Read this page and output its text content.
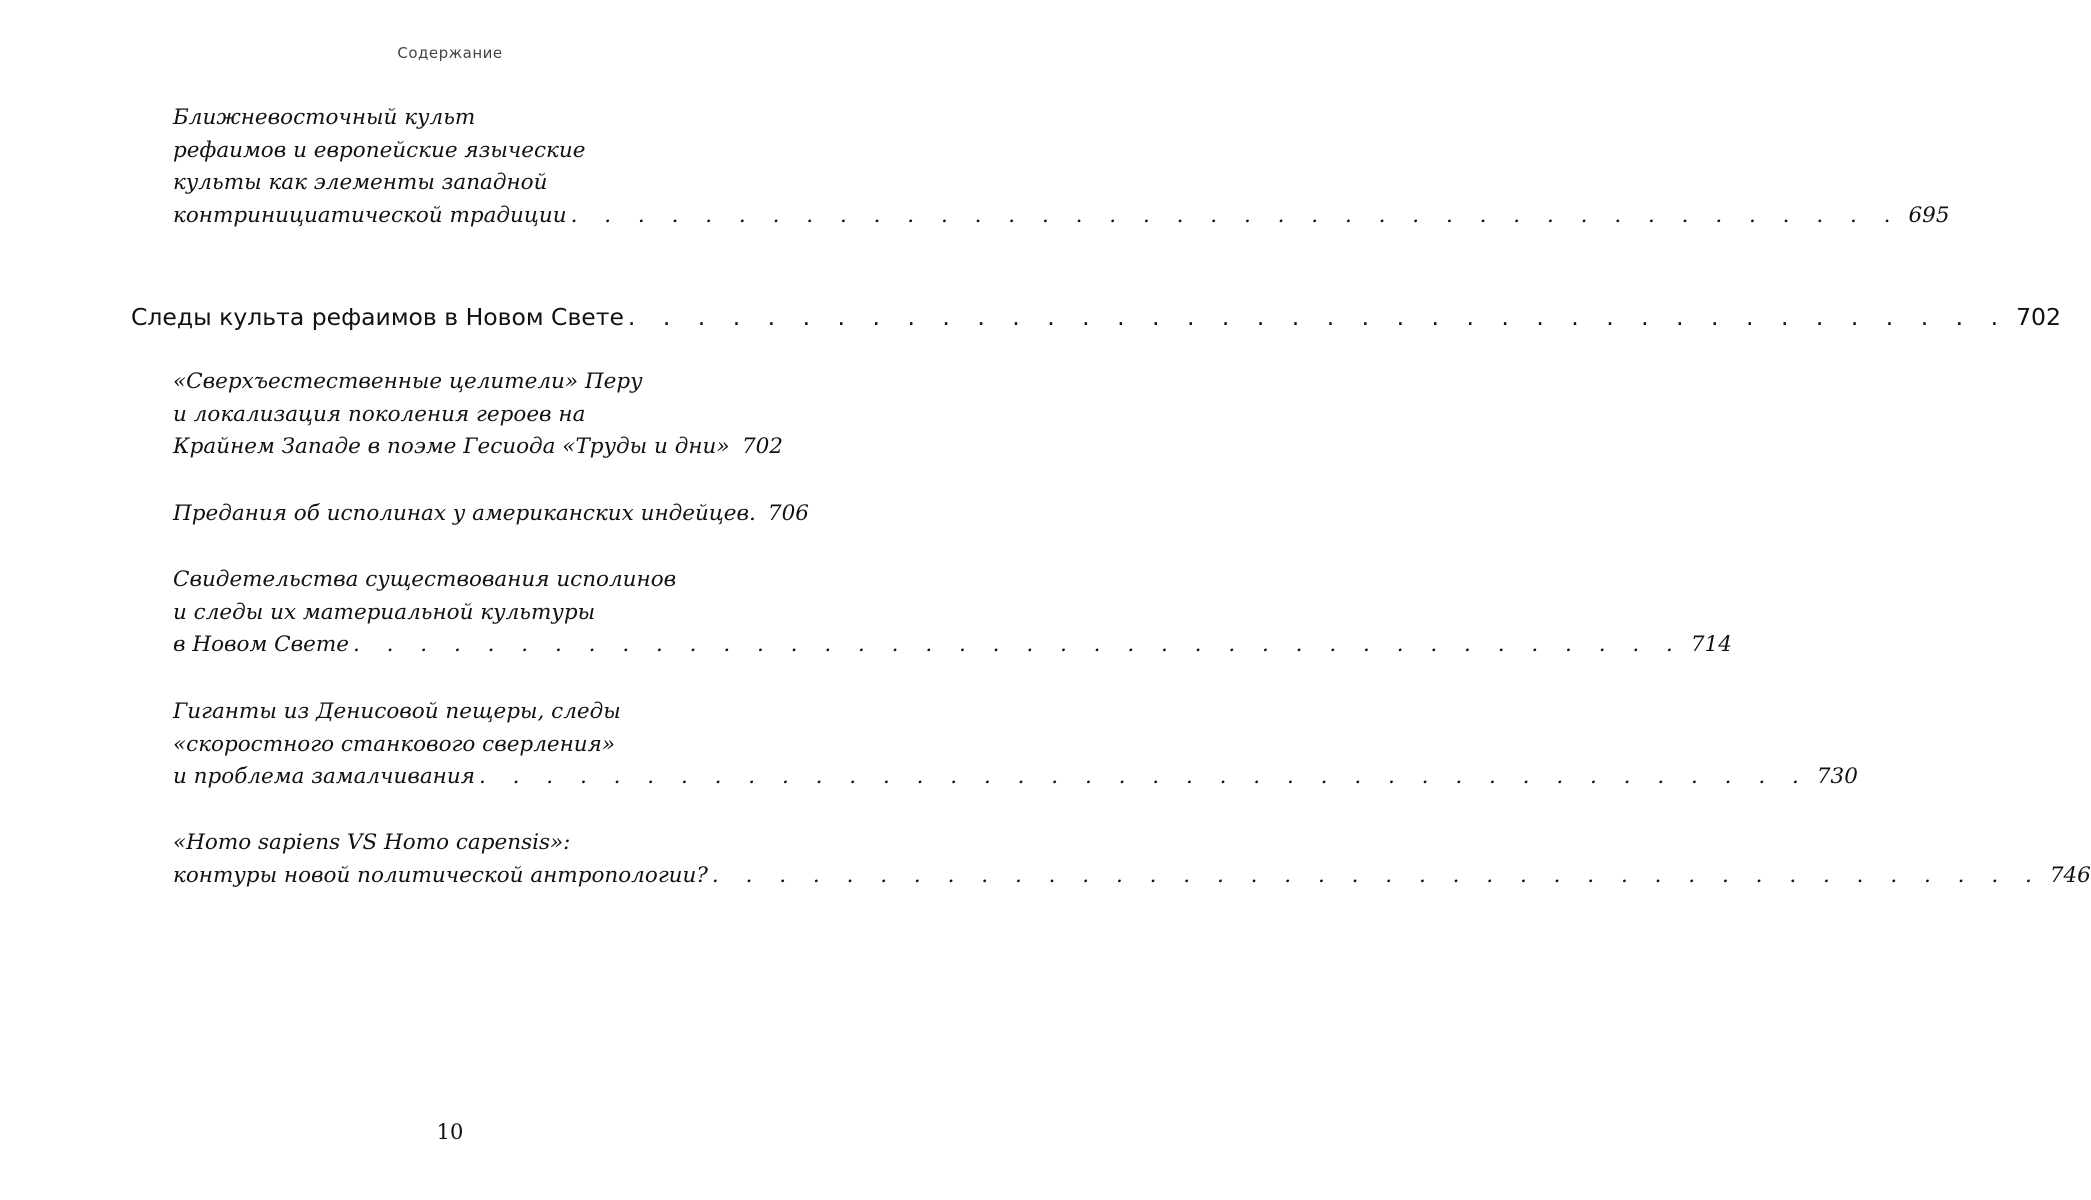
Содержание
Ближневосточный культ
рефаимов и европейские языческие
культы как элементы западной
контринициатической традиции . . . . . . . . . . . . . . . . . . . . . . . . . . . . . . . . . . . . . . . . 695
Следы культа рефаимов в Новом Свете . . . . . . . . . . . . . . . . . . . . . . . . . . . . . . . . . . . . . . . . 702
«Сверхъестественные целители» Перу
и локализация поколения героев на
Крайнем Западе в поэме Гесиода «Труды и дни» 702
Предания об исполинах у американских индейцев. 706
Свидетельства существования исполинов
и следы их материальной культуры
в Новом Свете . . . . . . . . . . . . . . . . . . . . . . . . . . . . . . . . . . . . . . . . 714
Гиганты из Денисовой пещеры, следы
«скоростного станкового сверления»
и проблема замалчивания . . . . . . . . . . . . . . . . . . . . . . . . . . . . . . . . . . . . . . . . 730
«Homo sapiens VS Homo capensis»:
контуры новой политической антропологии? . . . . . . . . . . . . . . . . . . . . . . . . . . . . . . . . . . . . . . . . 746
10
